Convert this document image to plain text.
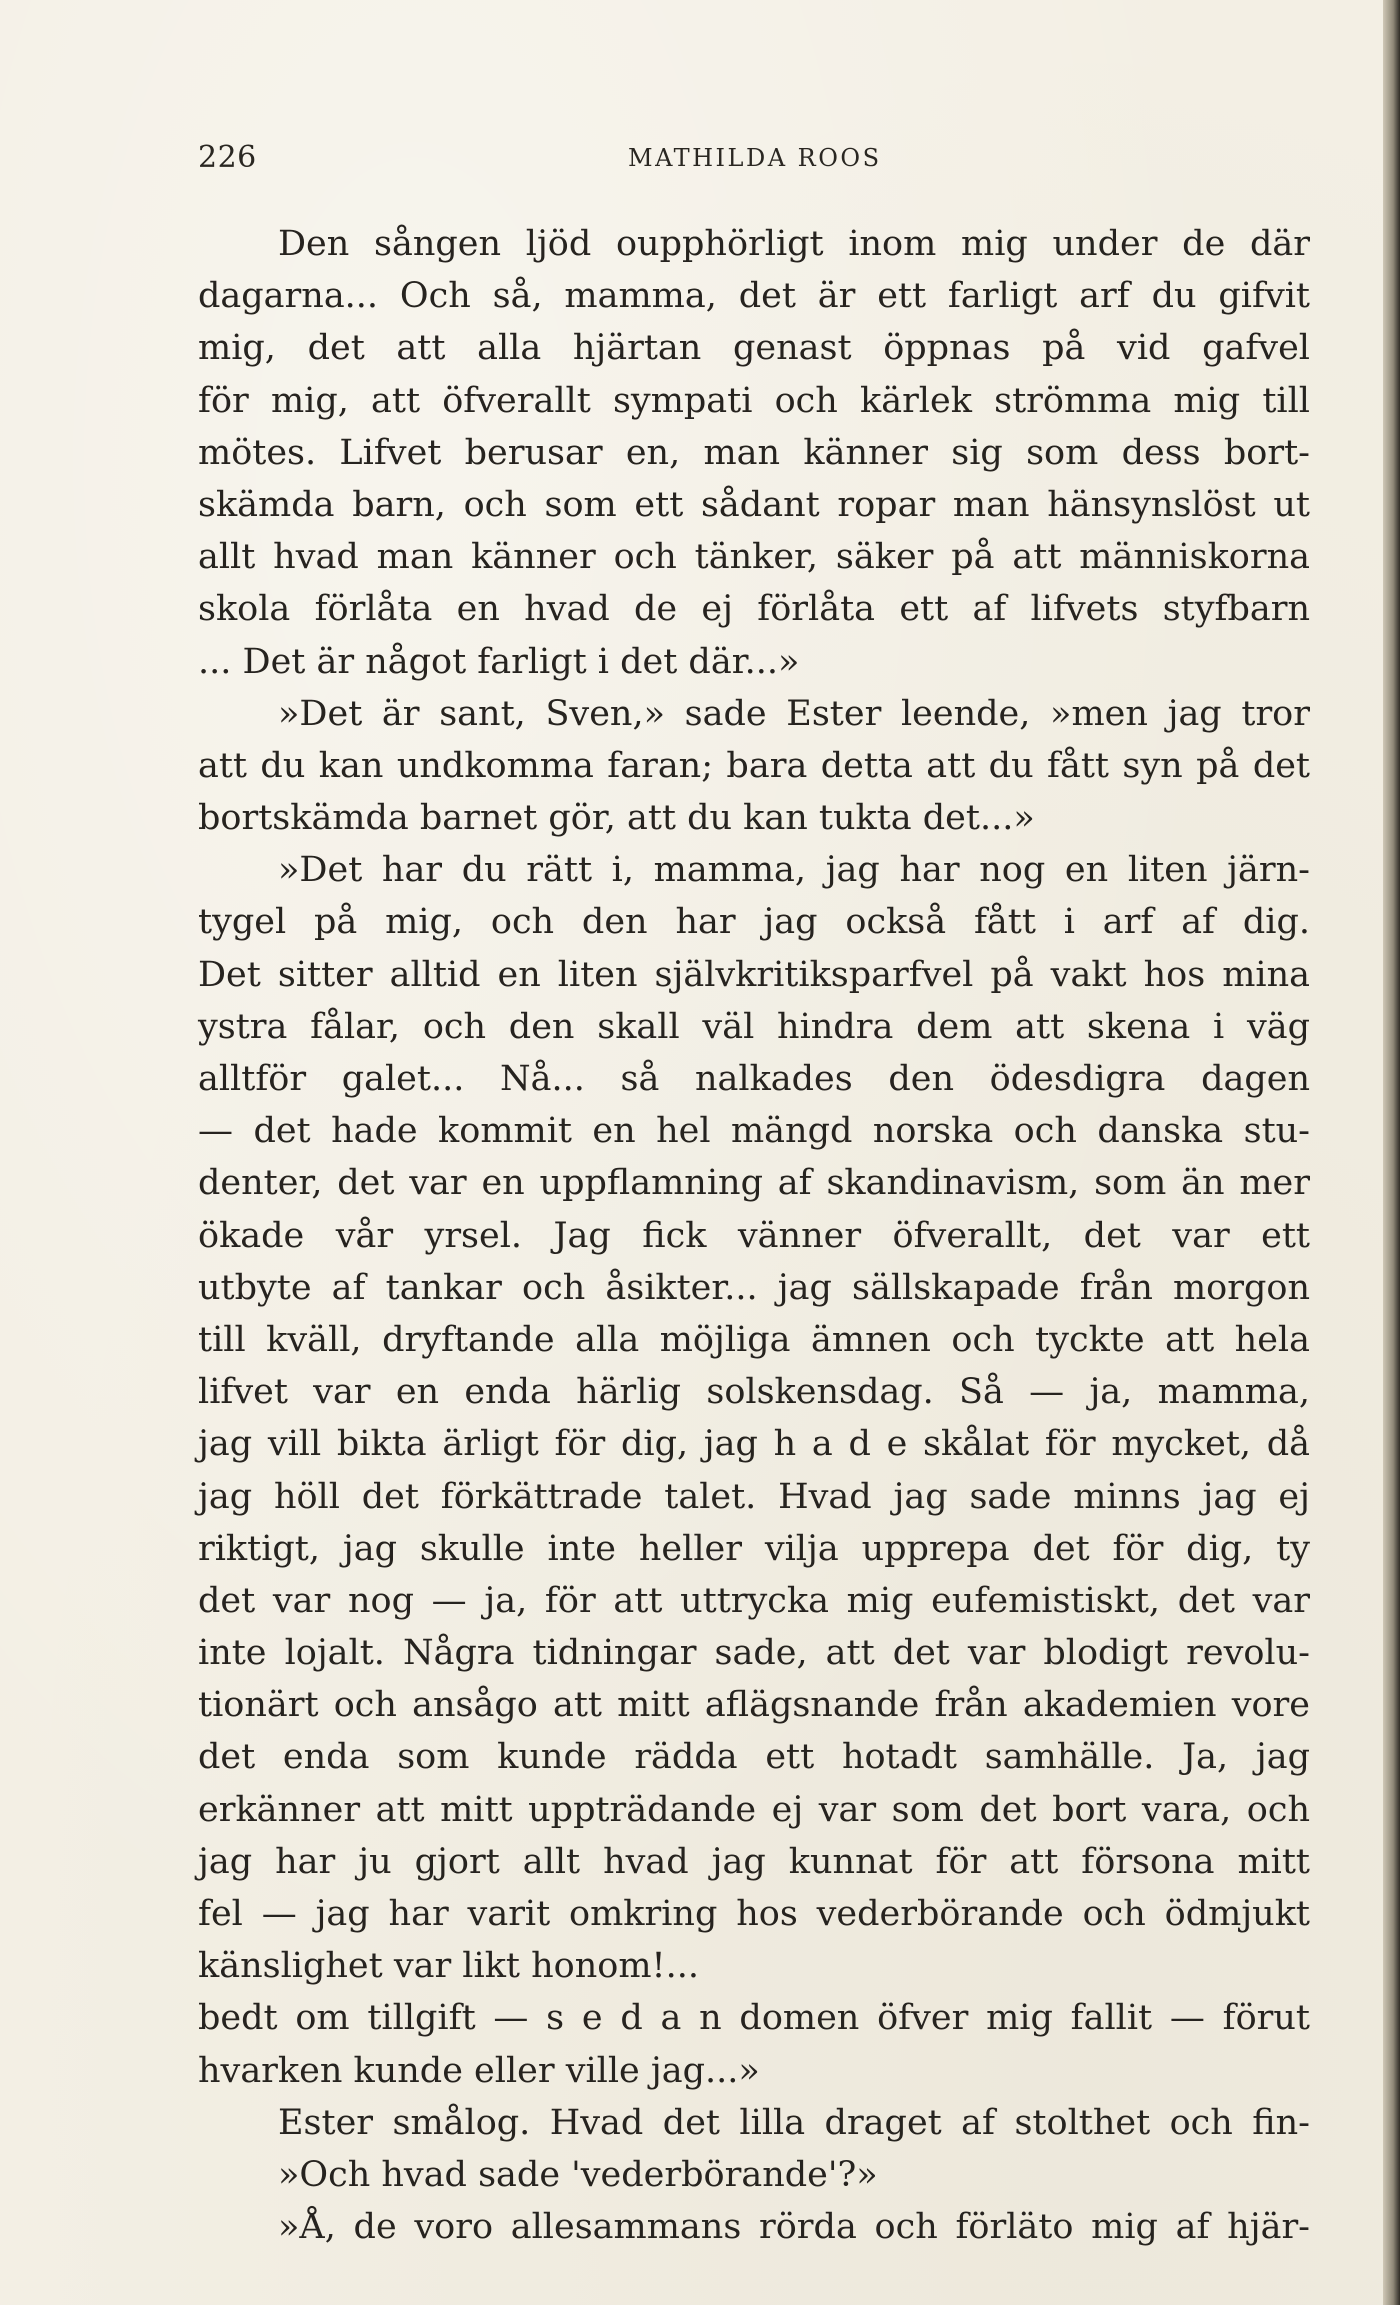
226	MATHILDA ROOS
Den sången ljöd oupphörligt inom mig under de där
dagarna... Och så, mamma, det är ett farligt arf du gifvit
mig, det att alla hjärtan genast öppnas på vid gafvel
för mig, att öfverallt sympati och kärlek strömma mig till
mötes. Lifvet berusar en, man känner sig som dess bort-
skämda barn, och som ett sådant ropar man hänsynslöst ut
allt hvad man känner och tänker, säker på att människorna
skola förlåta en hvad de ej förlåta ett af lifvets styfbarn
... Det är något farligt i det där...»
»Det är sant, Sven,» sade Ester leende, »men jag tror
att du kan undkomma faran; bara detta att du fått syn på det
bortskämda barnet gör, att du kan tukta det...»
»Det har du rätt i, mamma, jag har nog en liten järn-
tygel på mig, och den har jag också fått i arf af dig.
Det sitter alltid en liten självkritiksparfvel på vakt hos mina
ystra fålar, och den skall väl hindra dem att skena i väg
alltför galet... Nå... så nalkades den ödesdigra dagen
— det hade kommit en hel mängd norska och danska stu-
denter, det var en uppflamning af skandinavism, som än mer
ökade vår yrsel. Jag fick vänner öfverallt, det var ett
utbyte af tankar och åsikter... jag sällskapade från morgon
till kväll, dryftande alla möjliga ämnen och tyckte att hela
lifvet var en enda härlig solskensdag. Så — ja, mamma,
jag vill bikta ärligt för dig, jag h a d e skålat för mycket, då
jag höll det förkättrade talet. Hvad jag sade minns jag ej
riktigt, jag skulle inte heller vilja upprepa det för dig, ty
det var nog — ja, för att uttrycka mig eufemistiskt, det var
inte lojalt. Några tidningar sade, att det var blodigt revolu-
tionärt och ansågo att mitt aflägsnande från akademien vore
det enda som kunde rädda ett hotadt samhälle. Ja, jag
erkänner att mitt uppträdande ej var som det bort vara, och
jag har ju gjort allt hvad jag kunnat för att försona mitt
fel — jag har varit omkring hos vederbörande och ödmjukt
känslighet var likt honom!...
bedt om tillgift — s e d a n domen öfver mig fallit — förut
hvarken kunde eller ville jag...»
Ester smålog. Hvad det lilla draget af stolthet och fin-
»Och hvad sade 'vederbörande'?»
»Å, de voro allesammans rörda och förläto mig af hjär-
